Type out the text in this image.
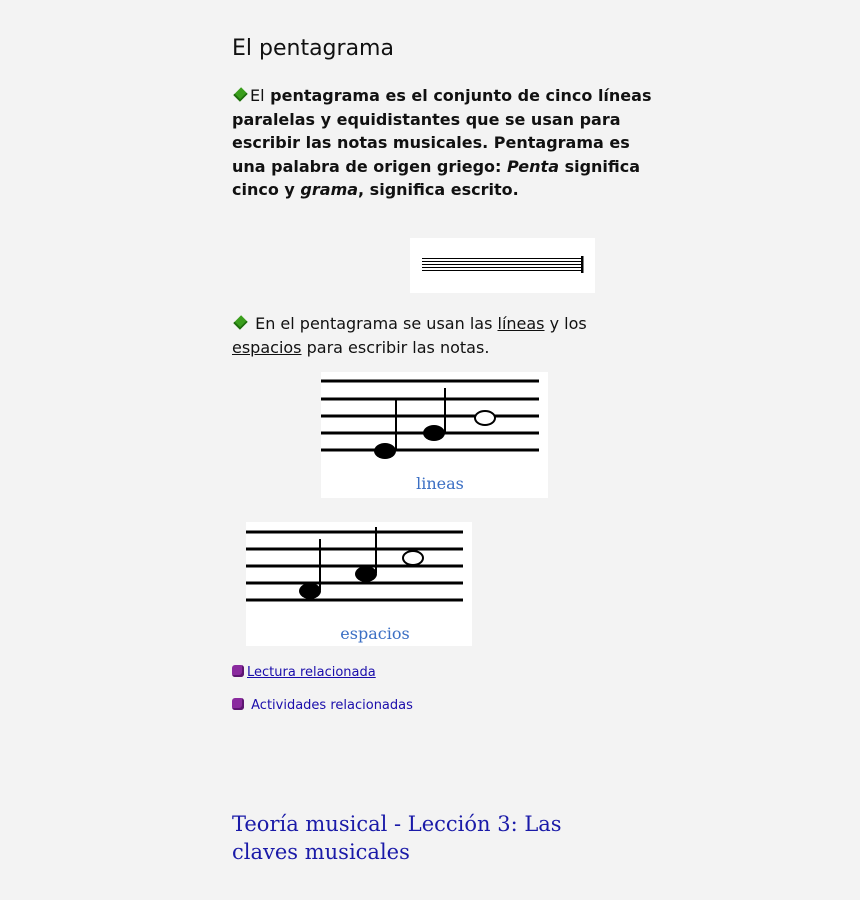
El pentagrama
El pentagrama es el conjunto de cinco líneas paralelas y equidistantes que se usan para escribir las notas musicales. Pentagrama es una palabra de origen griego: Penta significa cinco y grama, significa escrito.
En el pentagrama se usan las líneas y los espacios para escribir las notas.
lineas
espacios
Lectura relacionada
Actividades relacionadas
Teoría musical - Lección 3: Las claves musicales
